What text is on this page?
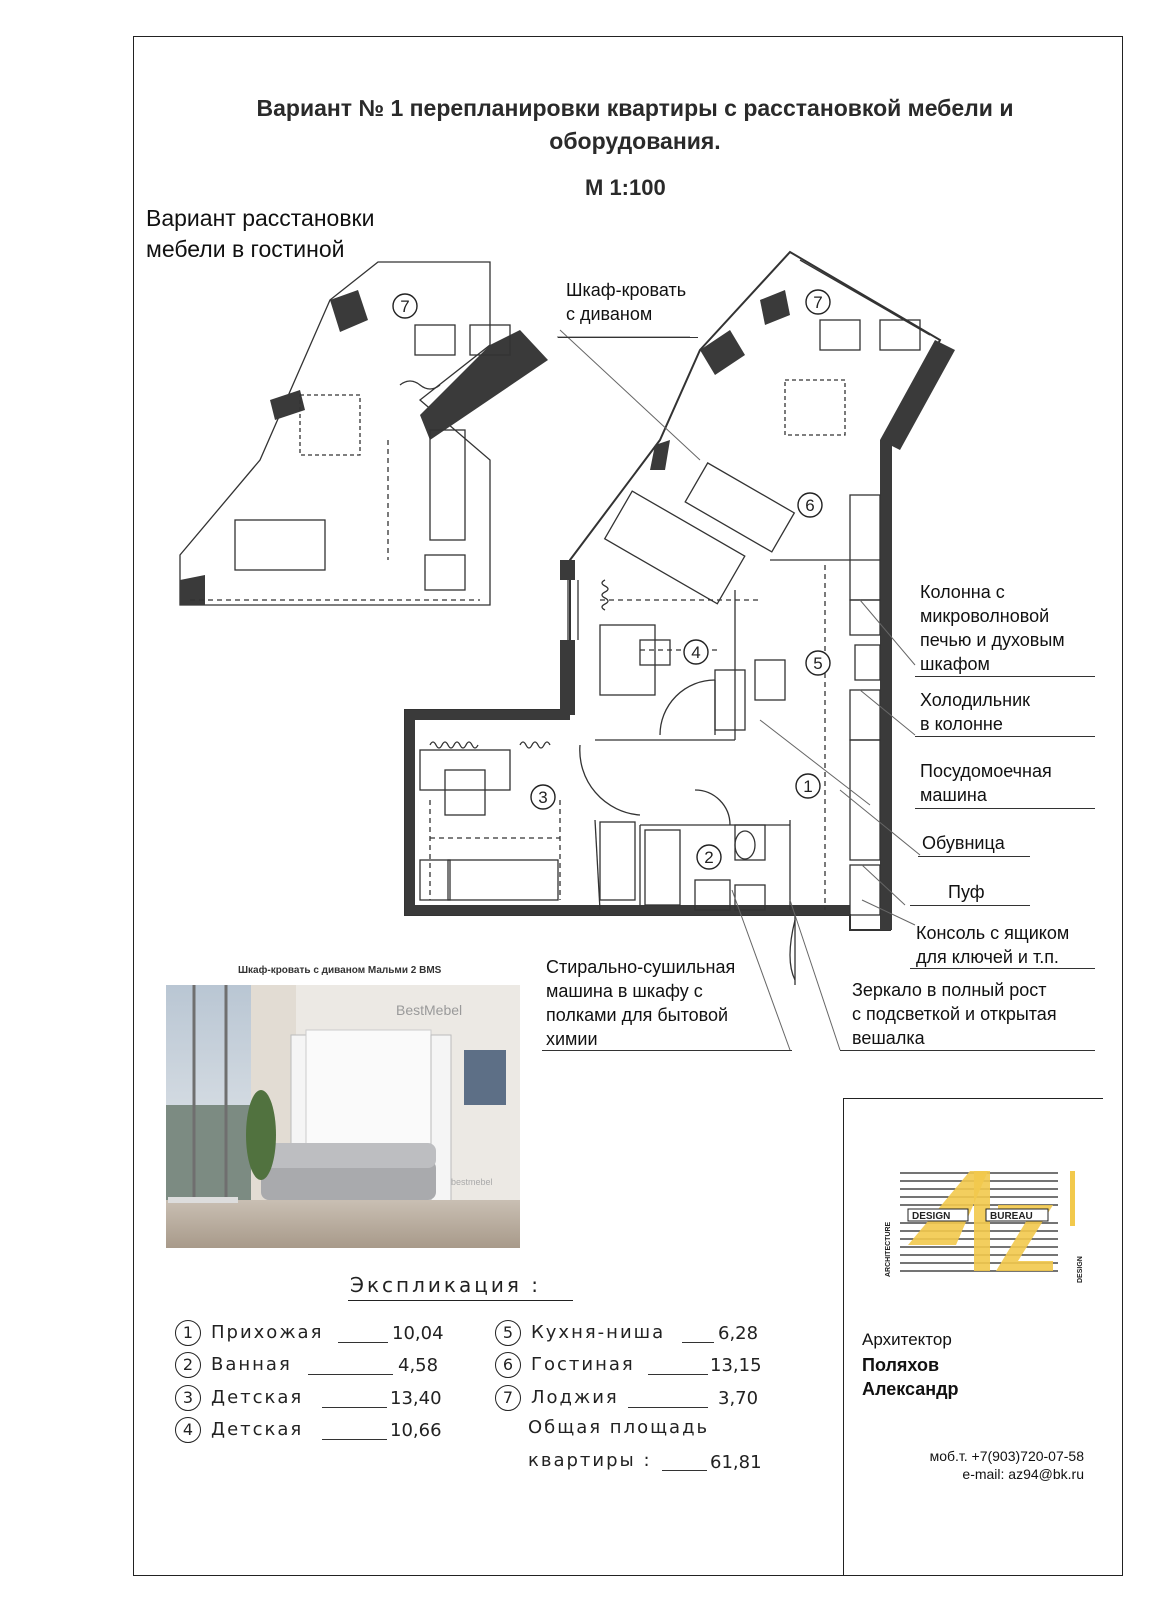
Вариант № 1 перепланировки квартиры с расстановкой мебели и
оборудования.
М 1:100
Вариант расстановки
мебели в гостиной
7	7
6
5
4
3
2
1
Шкаф-кровать
с диваном
Колонна с
микроволновой
печью и духовым
шкафом
Холодильник
в колонне
Посудомоечная
машина
Обувница
Пуф
Консоль с ящиком
для ключей и т.п.
Стирально-сушильная
машина в шкафу с
полками для бытовой
химии
Зеркало в полный рост
с подсветкой и открытая
вешалка
Шкаф-кровать с диваном Мальми 2 BMS
BestMebel
bestmebel
Экспликация :
1 Прихожая	10,04
2 Ванная	4,58
3 Детская	13,40
4 Детская	10,66
5 Кухня-ниша	6,28
6 Гостиная	13,15
7 Лоджия	3,70
Общая площадь
квартиры :	61,81
DESIGN	BUREAU
ARCHITECTURE	DESIGN
Архитектор
Поляхов
Александр
моб.т. +7(903)720-07-58
e-mail: az94@bk.ru
